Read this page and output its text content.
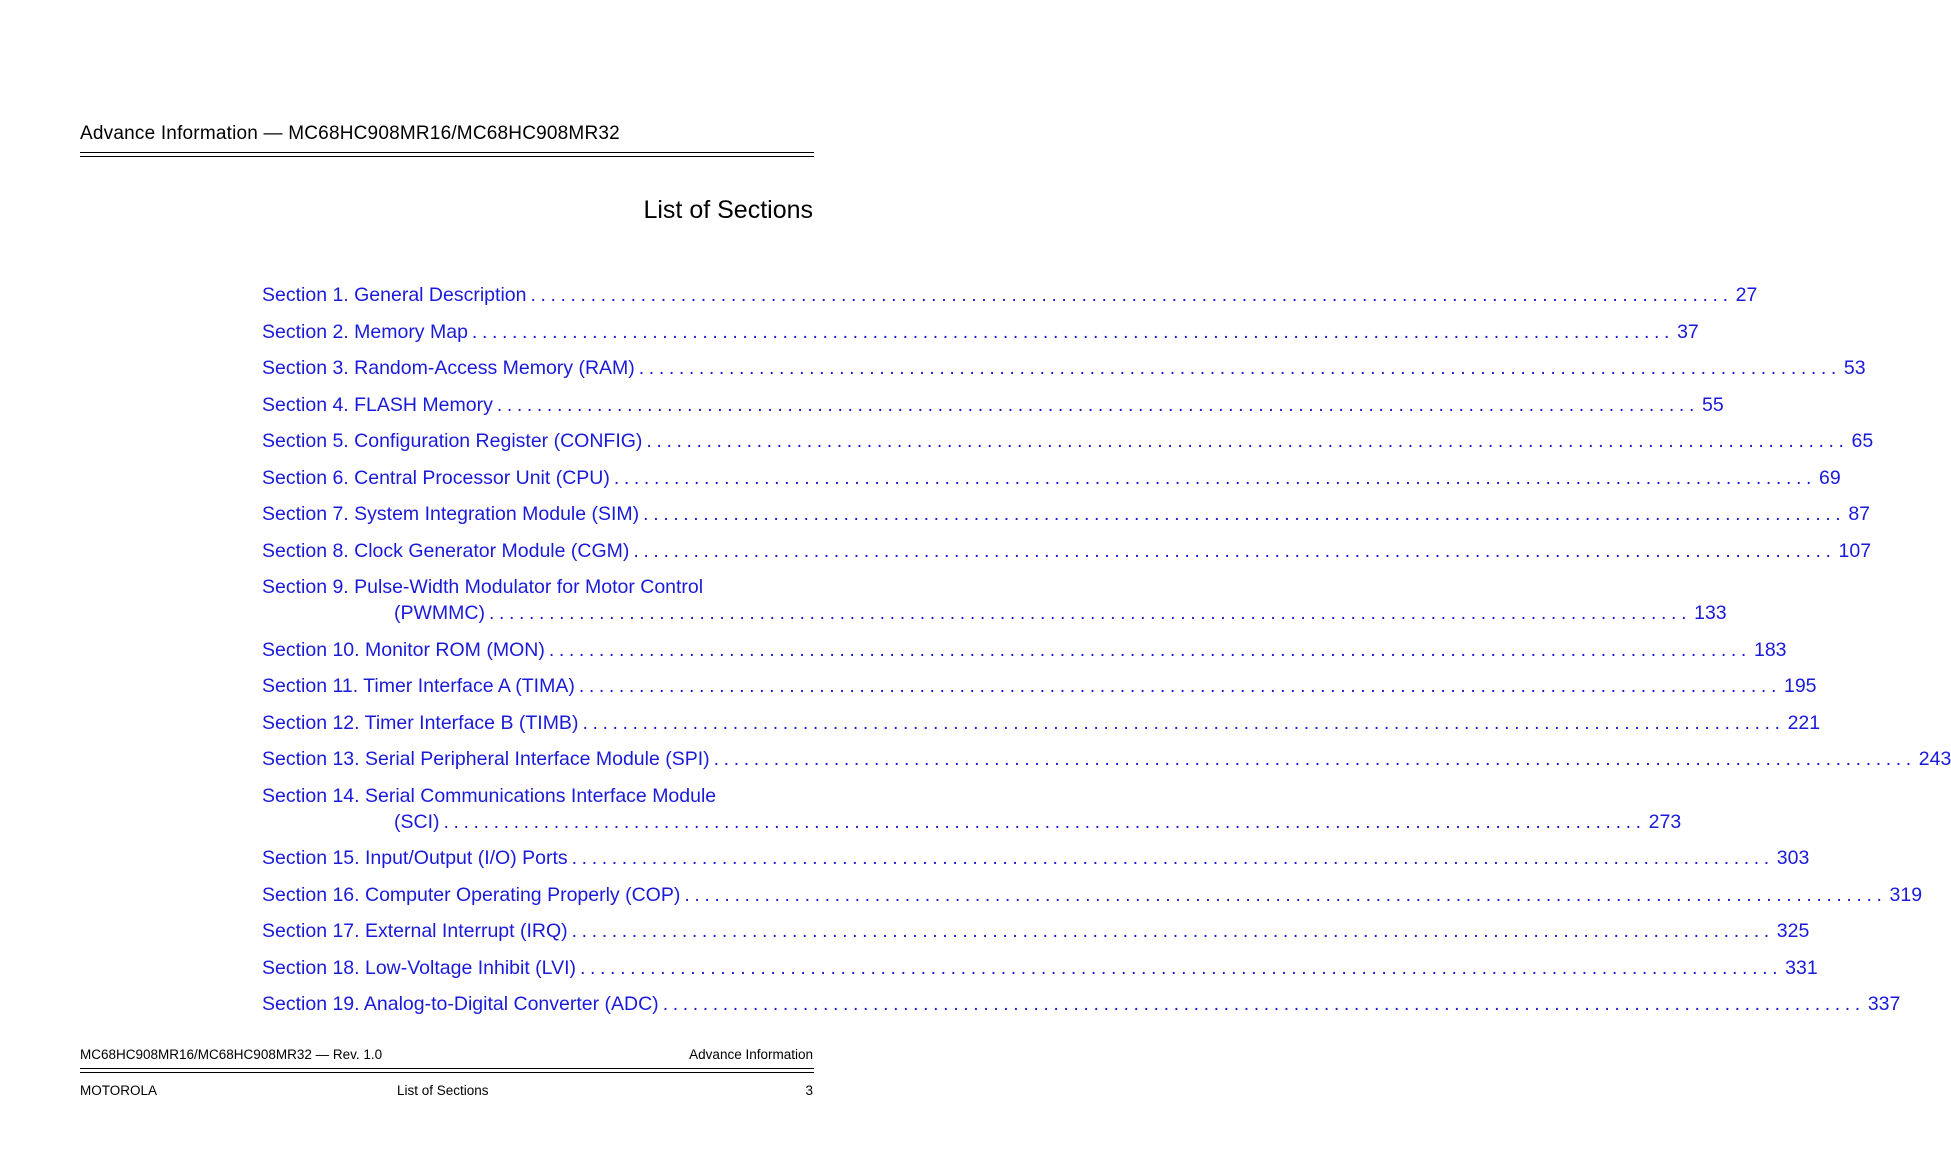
Advance Information — MC68HC908MR16/MC68HC908MR32
List of Sections
Section 1. General Description ........................................................................................................................ 27
Section 2. Memory Map ........................................................................................................................ 37
Section 3. Random-Access Memory (RAM) ........................................................................................................................ 53
Section 4. FLASH Memory ........................................................................................................................ 55
Section 5. Configuration Register (CONFIG) ........................................................................................................................ 65
Section 6. Central Processor Unit (CPU) ........................................................................................................................ 69
Section 7. System Integration Module (SIM) ........................................................................................................................ 87
Section 8. Clock Generator Module (CGM) ........................................................................................................................ 107
Section 9. Pulse-Width Modulator for Motor Control
(PWMMC) ........................................................................................................................ 133
Section 10. Monitor ROM (MON) ........................................................................................................................ 183
Section 11. Timer Interface A (TIMA) ........................................................................................................................ 195
Section 12. Timer Interface B (TIMB) ........................................................................................................................ 221
Section 13. Serial Peripheral Interface Module (SPI) ........................................................................................................................ 243
Section 14. Serial Communications Interface Module
(SCI) ........................................................................................................................ 273
Section 15. Input/Output (I/O) Ports ........................................................................................................................ 303
Section 16. Computer Operating Properly (COP) ........................................................................................................................ 319
Section 17. External Interrupt (IRQ) ........................................................................................................................ 325
Section 18. Low-Voltage Inhibit (LVI) ........................................................................................................................ 331
Section 19. Analog-to-Digital Converter (ADC) ........................................................................................................................ 337
MC68HC908MR16/MC68HC908MR32 — Rev. 1.0	Advance Information
MOTOROLA	List of Sections	3
